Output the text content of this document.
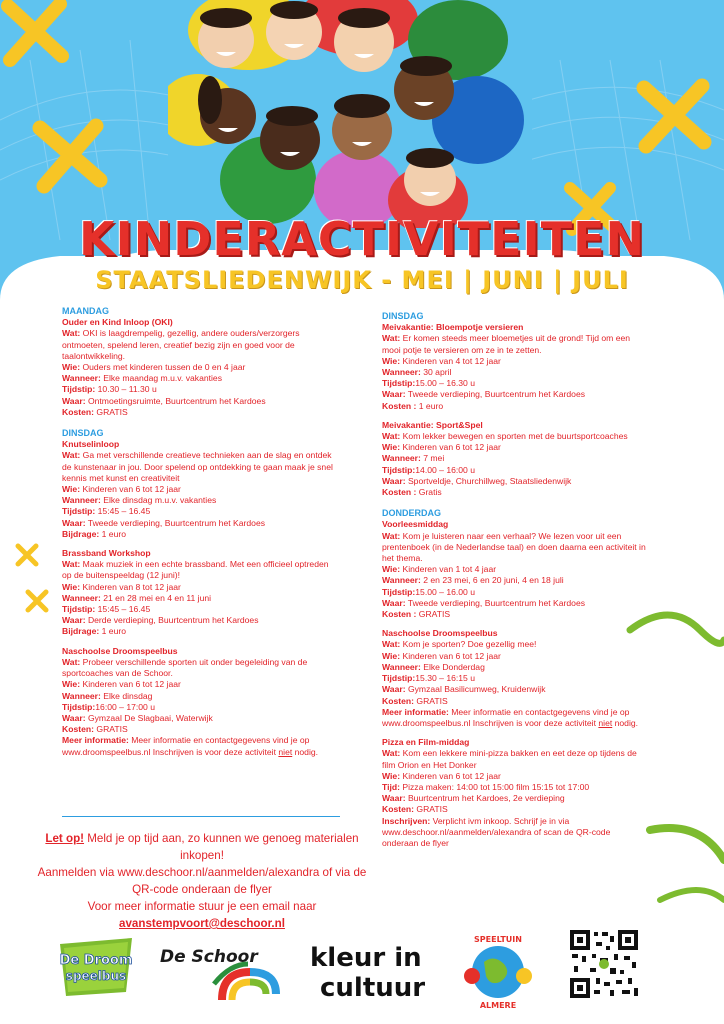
KINDERACTIVITEITEN
STAATSLIEDENWIJK - MEI | JUNI | JULI
MAANDAG
Ouder en Kind Inloop (OKI)
Wat: OKI is laagdrempelig, gezellig, andere ouders/verzorgers ontmoeten, spelend leren, creatief bezig zijn en goed voor de taalontwikkeling.
Wie: Ouders met kinderen tussen de 0 en 4 jaar
Wanneer: Elke maandag m.u.v. vakanties
Tijdstip: 10.30 – 11.30 u
Waar: Ontmoetingsruimte, Buurtcentrum het Kardoes
Kosten: GRATIS
DINSDAG
Knutselinloop
Wat: Ga met verschillende creatieve technieken aan de slag en ontdek de kunstenaar in jou. Door spelend op ontdekking te gaan maak je snel kennis met kunst en creativiteit
Wie: Kinderen van 6 tot 12 jaar
Wanneer: Elke dinsdag m.u.v. vakanties
Tijdstip: 15:45 – 16.45
Waar: Tweede verdieping, Buurtcentrum het Kardoes
Bijdrage: 1 euro
Brassband Workshop
Wat: Maak muziek in een echte brassband. Met een officieel optreden op de buitenspeeldag (12 juni)!
Wie: Kinderen van 8 tot 12 jaar
Wanneer: 21 en 28 mei en 4 en 11 juni
Tijdstip: 15:45 – 16.45
Waar: Derde verdieping, Buurtcentrum het Kardoes
Bijdrage: 1 euro
Naschoolse Droomspeelbus
Wat: Probeer verschillende sporten uit onder begeleiding van de sportcoaches van de Schoor.
Wie: Kinderen van 6 tot 12 jaar
Wanneer: Elke dinsdag
Tijdstip:16:00 – 17:00 u
Waar: Gymzaal De Slagbaai, Waterwijk
Kosten: GRATIS
Meer informatie: Meer informatie en contactgegevens vind je op www.droomspeelbus.nl Inschrijven is voor deze activiteit niet nodig.
Let op! Meld je op tijd aan, zo kunnen we genoeg materialen inkopen!
Aanmelden via www.deschoor.nl/aanmelden/alexandra of via de QR-code onderaan de flyer
Voor meer informatie stuur je een email naar
avanstempvoort@deschoor.nl
DINSDAG
Meivakantie: Bloempotje versieren
Wat: Er komen steeds meer bloemetjes uit de grond! Tijd om een mooi potje te versieren om ze in te zetten.
Wie: Kinderen van 4 tot 12 jaar
Wanneer: 30 april
Tijdstip:15.00 – 16.30 u
Waar: Tweede verdieping, Buurtcentrum het Kardoes
Kosten : 1 euro
Meivakantie: Sport&Spel
Wat: Kom lekker bewegen en sporten met de buurtsportcoaches
Wie: Kinderen van 6 tot 12 jaar
Wanneer: 7 mei
Tijdstip:14.00 – 16:00 u
Waar: Sportveldje, Churchillweg, Staatsliedenwijk
Kosten : Gratis
DONDERDAG
Voorleesmiddag
Wat: Kom je luisteren naar een verhaal? We lezen voor uit een prentenboek (in de Nederlandse taal) en doen daarna een activiteit in het thema.
Wie: Kinderen van 1 tot 4 jaar
Wanneer: 2 en 23 mei, 6 en 20 juni, 4 en 18 juli
Tijdstip:15.00 – 16.00 u
Waar: Tweede verdieping, Buurtcentrum het Kardoes
Kosten : GRATIS
Naschoolse Droomspeelbus
Wat: Kom je sporten? Doe gezellig mee!
Wie: Kinderen van 6 tot 12 jaar
Wanneer: Elke Donderdag
Tijdstip:15.30 – 16:15 u
Waar: Gymzaal Basilicumweg, Kruidenwijk
Kosten: GRATIS
Meer informatie: Meer informatie en contactgegevens vind je op www.droomspeelbus.nl Inschrijven is voor deze activiteit niet nodig.
Pizza en Film-middag
Wat: Kom een lekkere mini-pizza bakken en eet deze op tijdens de film Orion en Het Donker
Wie: Kinderen van 6 tot 12 jaar
Tijd: Pizza maken: 14:00 tot 15:00 film 15:15 tot 17:00
Waar: Buurtcentrum het Kardoes, 2e verdieping
Kosten: GRATIS
Inschrijven: Verplicht ivm inkoop. Schrijf je in via www.deschoor.nl/aanmelden/alexandra of scan de QR-code onderaan de flyer
De Droom
speelbus
De Schoor kleur in
cultuur
SPEELTUIN
ALMERE
